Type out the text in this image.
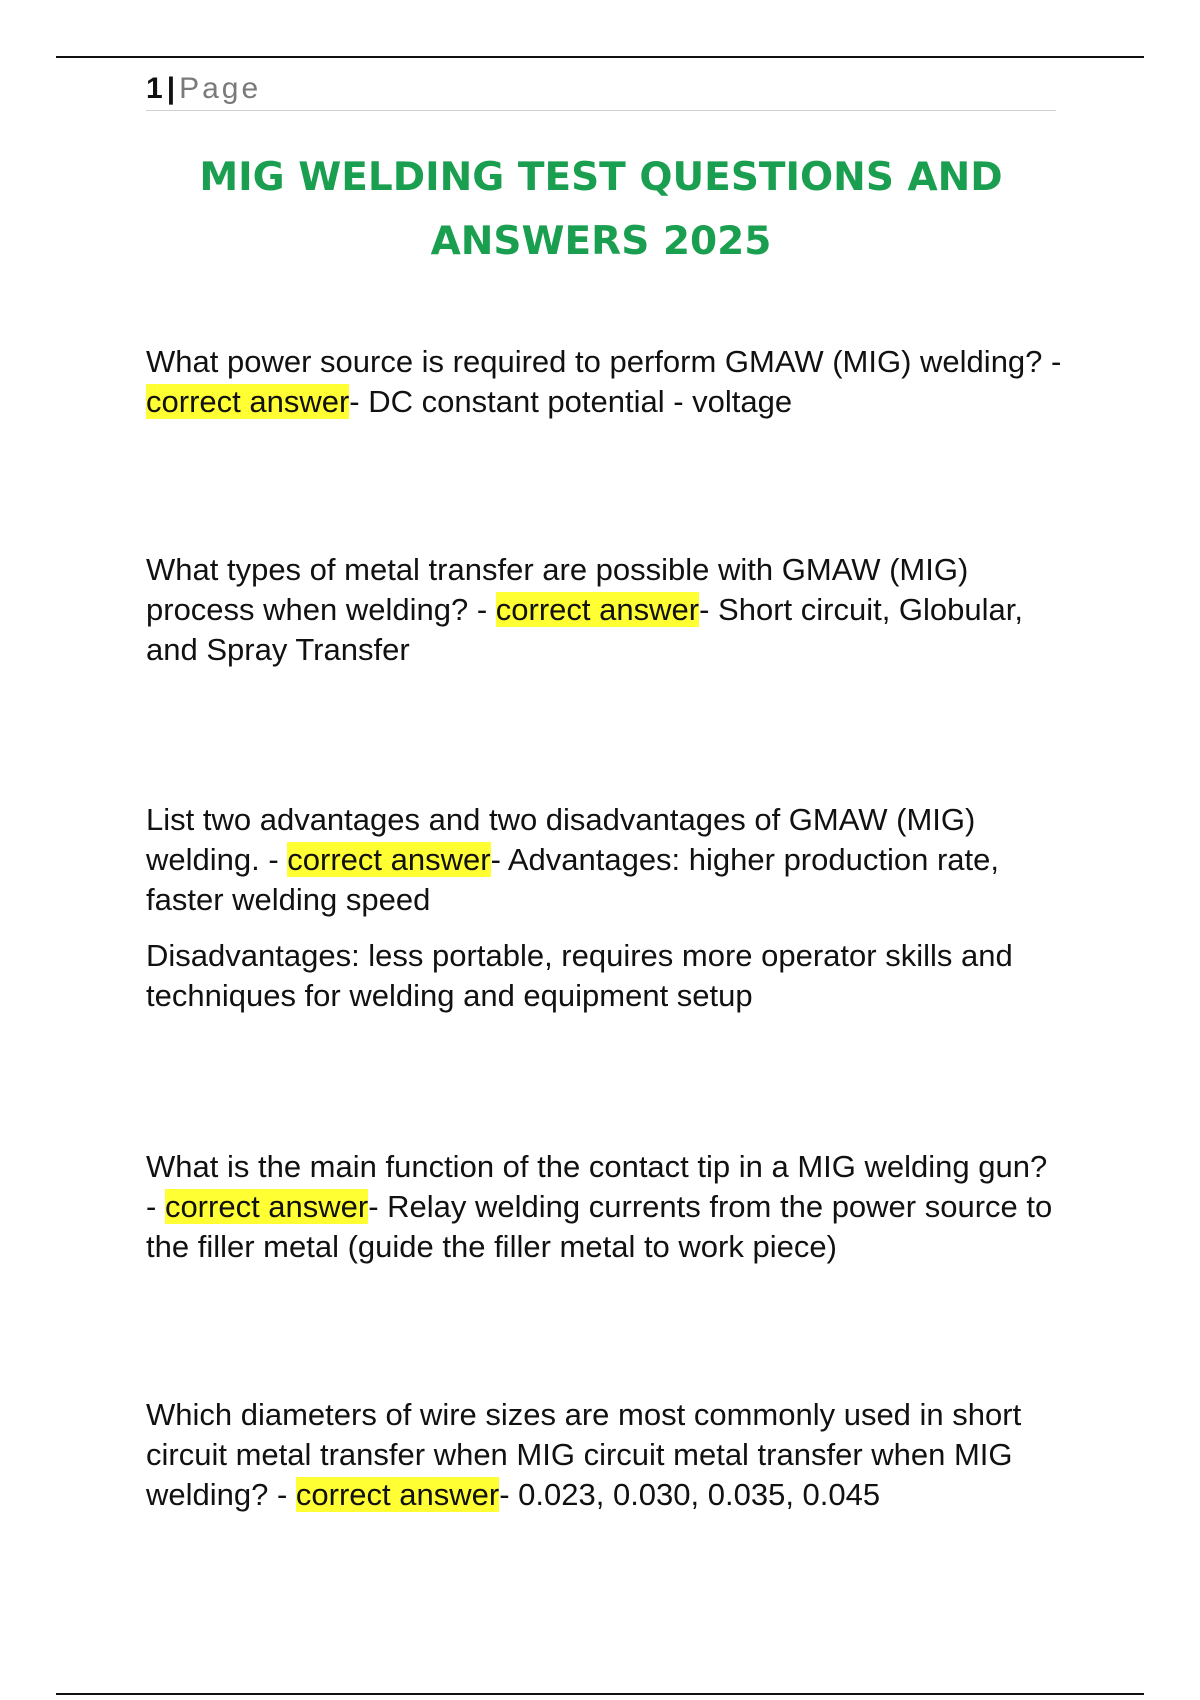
1 | Page
MIG WELDING TEST QUESTIONS AND ANSWERS 2025

What power source is required to perform GMAW (MIG) welding? - correct answer- DC constant potential - voltage

What types of metal transfer are possible with GMAW (MIG) process when welding? - correct answer- Short circuit, Globular, and Spray Transfer

List two advantages and two disadvantages of GMAW (MIG) welding. - correct answer- Advantages: higher production rate, faster welding speed

Disadvantages: less portable, requires more operator skills and techniques for welding and equipment setup

What is the main function of the contact tip in a MIG welding gun? - correct answer- Relay welding currents from the power source to the filler metal (guide the filler metal to work piece)

Which diameters of wire sizes are most commonly used in short circuit metal transfer when MIG circuit metal transfer when MIG welding? - correct answer- 0.023, 0.030, 0.035, 0.045
